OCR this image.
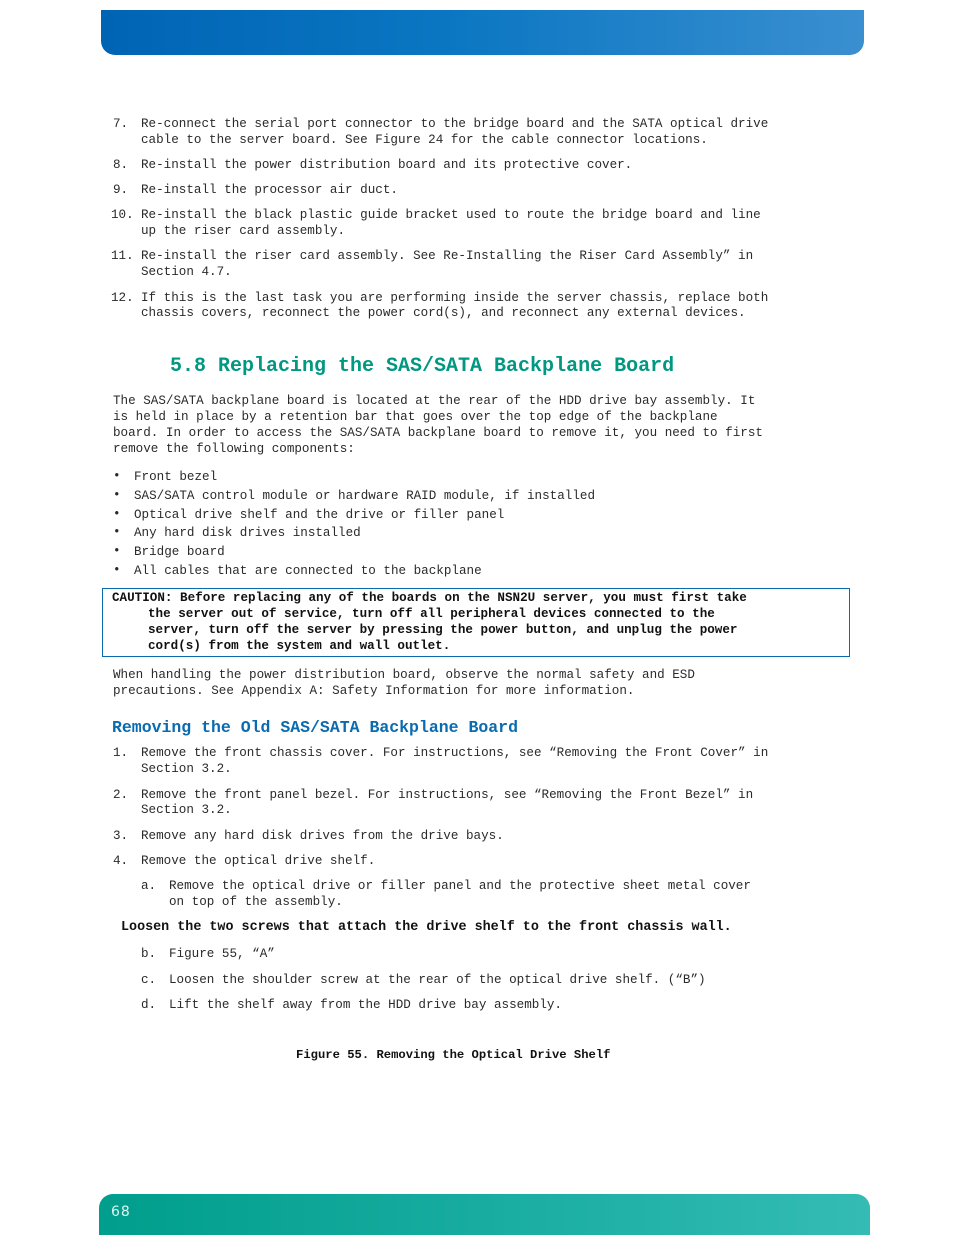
7. Re-connect the serial port connector to the bridge board and the SATA optical drive
cable to the server board. See Figure 24 for the cable connector locations.
8. Re-install the power distribution board and its protective cover.
9. Re-install the processor air duct.
10. Re-install the black plastic guide bracket used to route the bridge board and line
up the riser card assembly.
11. Re-install the riser card assembly. See Re-Installing the Riser Card Assembly” in
Section 4.7.
12. If this is the last task you are performing inside the server chassis, replace both
chassis covers, reconnect the power cord(s), and reconnect any external devices.
5.8 Replacing the SAS/SATA Backplane Board
The SAS/SATA backplane board is located at the rear of the HDD drive bay assembly. It
is held in place by a retention bar that goes over the top edge of the backplane
board. In order to access the SAS/SATA backplane board to remove it, you need to first
remove the following components:
• Front bezel
• SAS/SATA control module or hardware RAID module, if installed
• Optical drive shelf and the drive or filler panel
• Any hard disk drives installed
• Bridge board
• All cables that are connected to the backplane
CAUTION: Before replacing any of the boards on the NSN2U server, you must first take
the server out of service, turn off all peripheral devices connected to the
server, turn off the server by pressing the power button, and unplug the power
cord(s) from the system and wall outlet.
When handling the power distribution board, observe the normal safety and ESD
precautions. See Appendix A: Safety Information for more information.
Removing the Old SAS/SATA Backplane Board
1. Remove the front chassis cover. For instructions, see “Removing the Front Cover” in
Section 3.2.
2. Remove the front panel bezel. For instructions, see “Removing the Front Bezel” in
Section 3.2.
3. Remove any hard disk drives from the drive bays.
4. Remove the optical drive shelf.
a. Remove the optical drive or filler panel and the protective sheet metal cover
on top of the assembly.
Loosen the two screws that attach the drive shelf to the front chassis wall.
b. Figure 55, “A”
c. Loosen the shoulder screw at the rear of the optical drive shelf. (“B”)
d. Lift the shelf away from the HDD drive bay assembly.
Figure 55. Removing the Optical Drive Shelf
68
